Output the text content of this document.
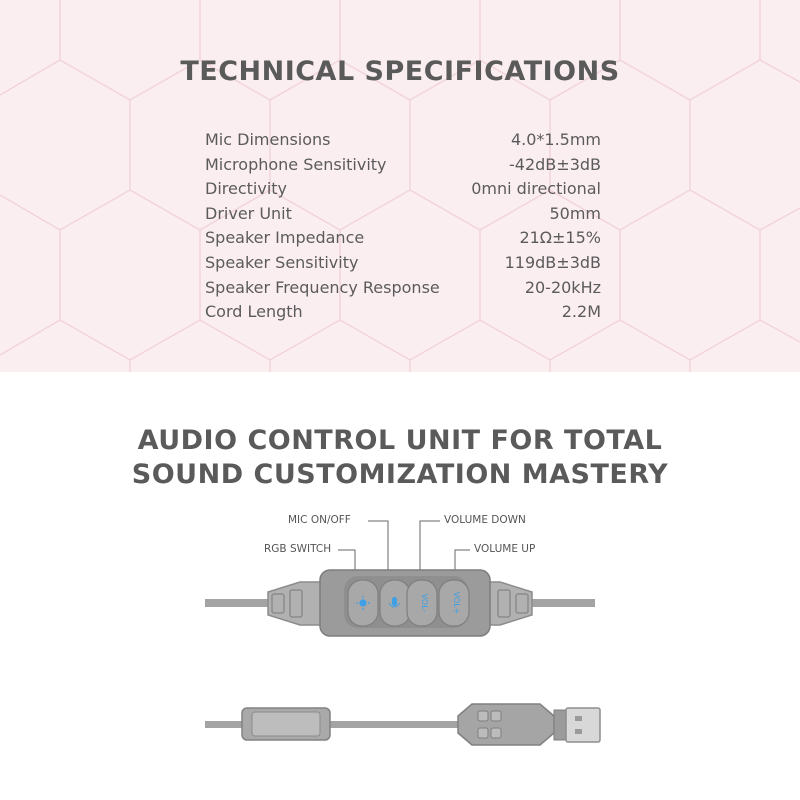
TECHNICAL SPECIFICATIONS
Mic Dimensions	4.0*1.5mm
Microphone Sensitivity	-42dB±3dB
Directivity	0mni directional
Driver Unit	50mm
Speaker Impedance	21Ω±15%
Speaker Sensitivity	119dB±3dB
Speaker Frequency Response	20-20kHz
Cord Length	2.2M
AUDIO CONTROL UNIT FOR TOTAL
SOUND CUSTOMIZATION MASTERY
MIC ON/OFF
RGB SWITCH
VOLUME DOWN
VOLUME UP
VOL-	VOL+
